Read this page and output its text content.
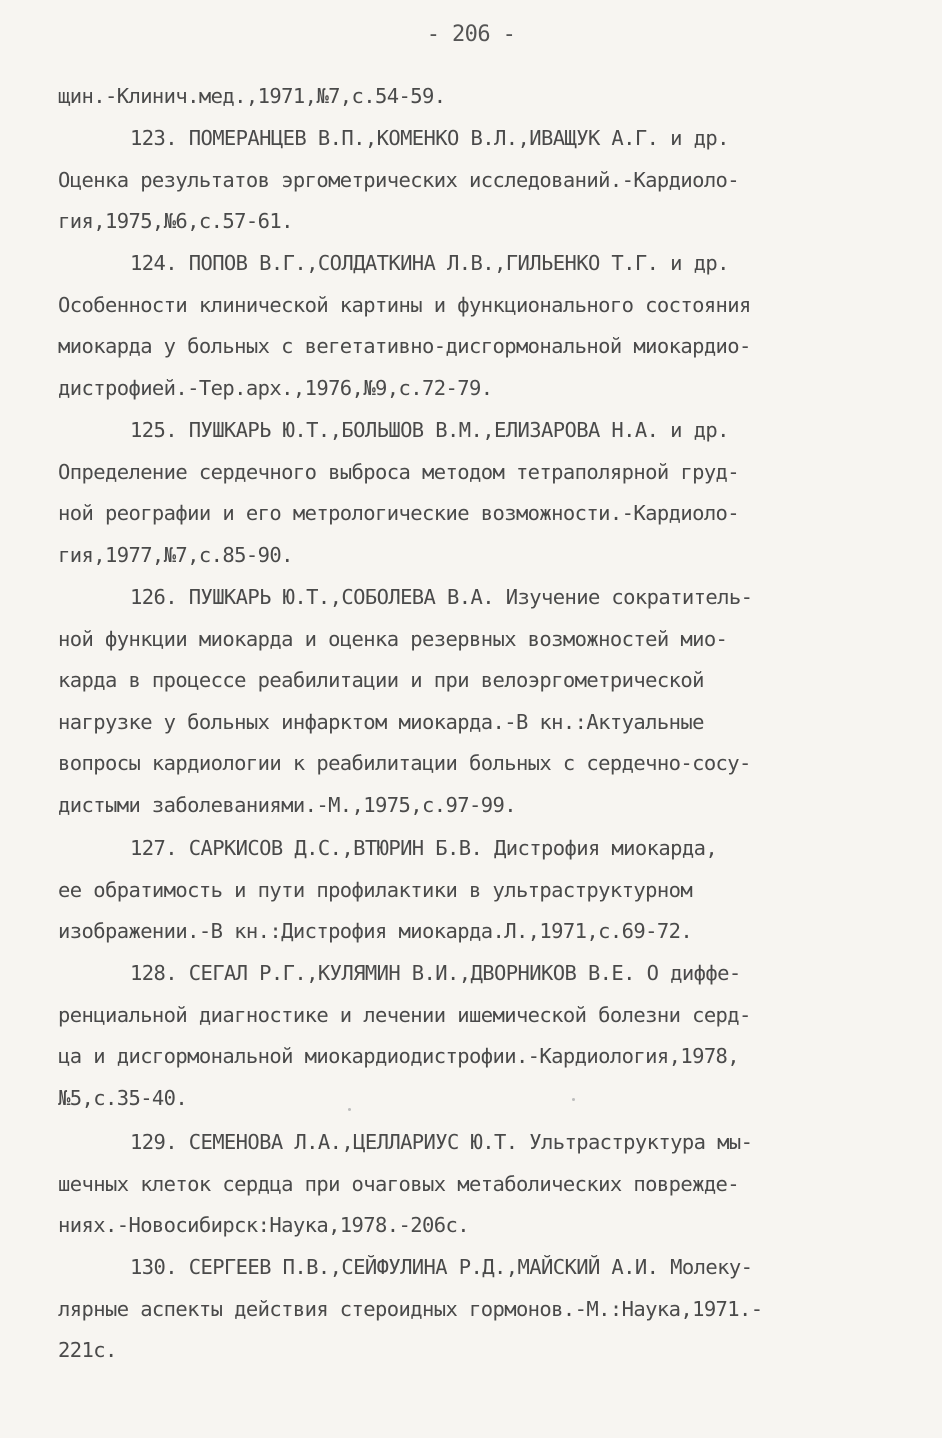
- 206 -
щин.-Клинич.мед.,1971,№7,с.54-59.
123. ПОМЕРАНЦЕВ В.П.,КОМЕНКО В.Л.,ИВАЩУК А.Г. и др.
Оценка результатов эргометрических исследований.-Кардиоло-
гия,1975,№6,с.57-61.
124. ПОПОВ В.Г.,СОЛДАТКИНА Л.В.,ГИЛЬЕНКО Т.Г. и др.
Особенности клинической картины и функционального состояния
миокарда у больных с вегетативно-дисгормональной миокардио-
дистрофией.-Тер.арх.,1976,№9,с.72-79.
125. ПУШКАРЬ Ю.Т.,БОЛЬШОВ В.М.,ЕЛИЗАРОВА Н.А. и др.
Определение сердечного выброса методом тетраполярной груд-
ной реографии и его метрологические возможности.-Кардиоло-
гия,1977,№7,с.85-90.
126. ПУШКАРЬ Ю.Т.,СОБОЛЕВА В.А. Изучение сократитель-
ной функции миокарда и оценка резервных возможностей мио-
карда в процессе реабилитации и при велоэргометрической
нагрузке у больных инфарктом миокарда.-В кн.:Актуальные
вопросы кардиологии к реабилитации больных с сердечно-сосу-
дистыми заболеваниями.-М.,1975,с.97-99.
127. САРКИСОВ Д.С.,ВТЮРИН Б.В. Дистрофия миокарда,
ее обратимость и пути профилактики в ультраструктурном
изображении.-В кн.:Дистрофия миокарда.Л.,1971,с.69-72.
128. СЕГАЛ Р.Г.,КУЛЯМИН В.И.,ДВОРНИКОВ В.Е. О диффе-
ренциальной диагностике и лечении ишемической болезни серд-
ца и дисгормональной миокардиодистрофии.-Кардиология,1978,
№5,с.35-40.
129. СЕМЕНОВА Л.А.,ЦЕЛЛАРИУС Ю.Т. Ультраструктура мы-
шечных клеток сердца при очаговых метаболических поврежде-
ниях.-Новосибирск:Наука,1978.-206с.
130. СЕРГЕЕВ П.В.,СЕЙФУЛИНА Р.Д.,МАЙСКИЙ А.И. Молеку-
лярные аспекты действия стероидных гормонов.-М.:Наука,1971.-
221с.
